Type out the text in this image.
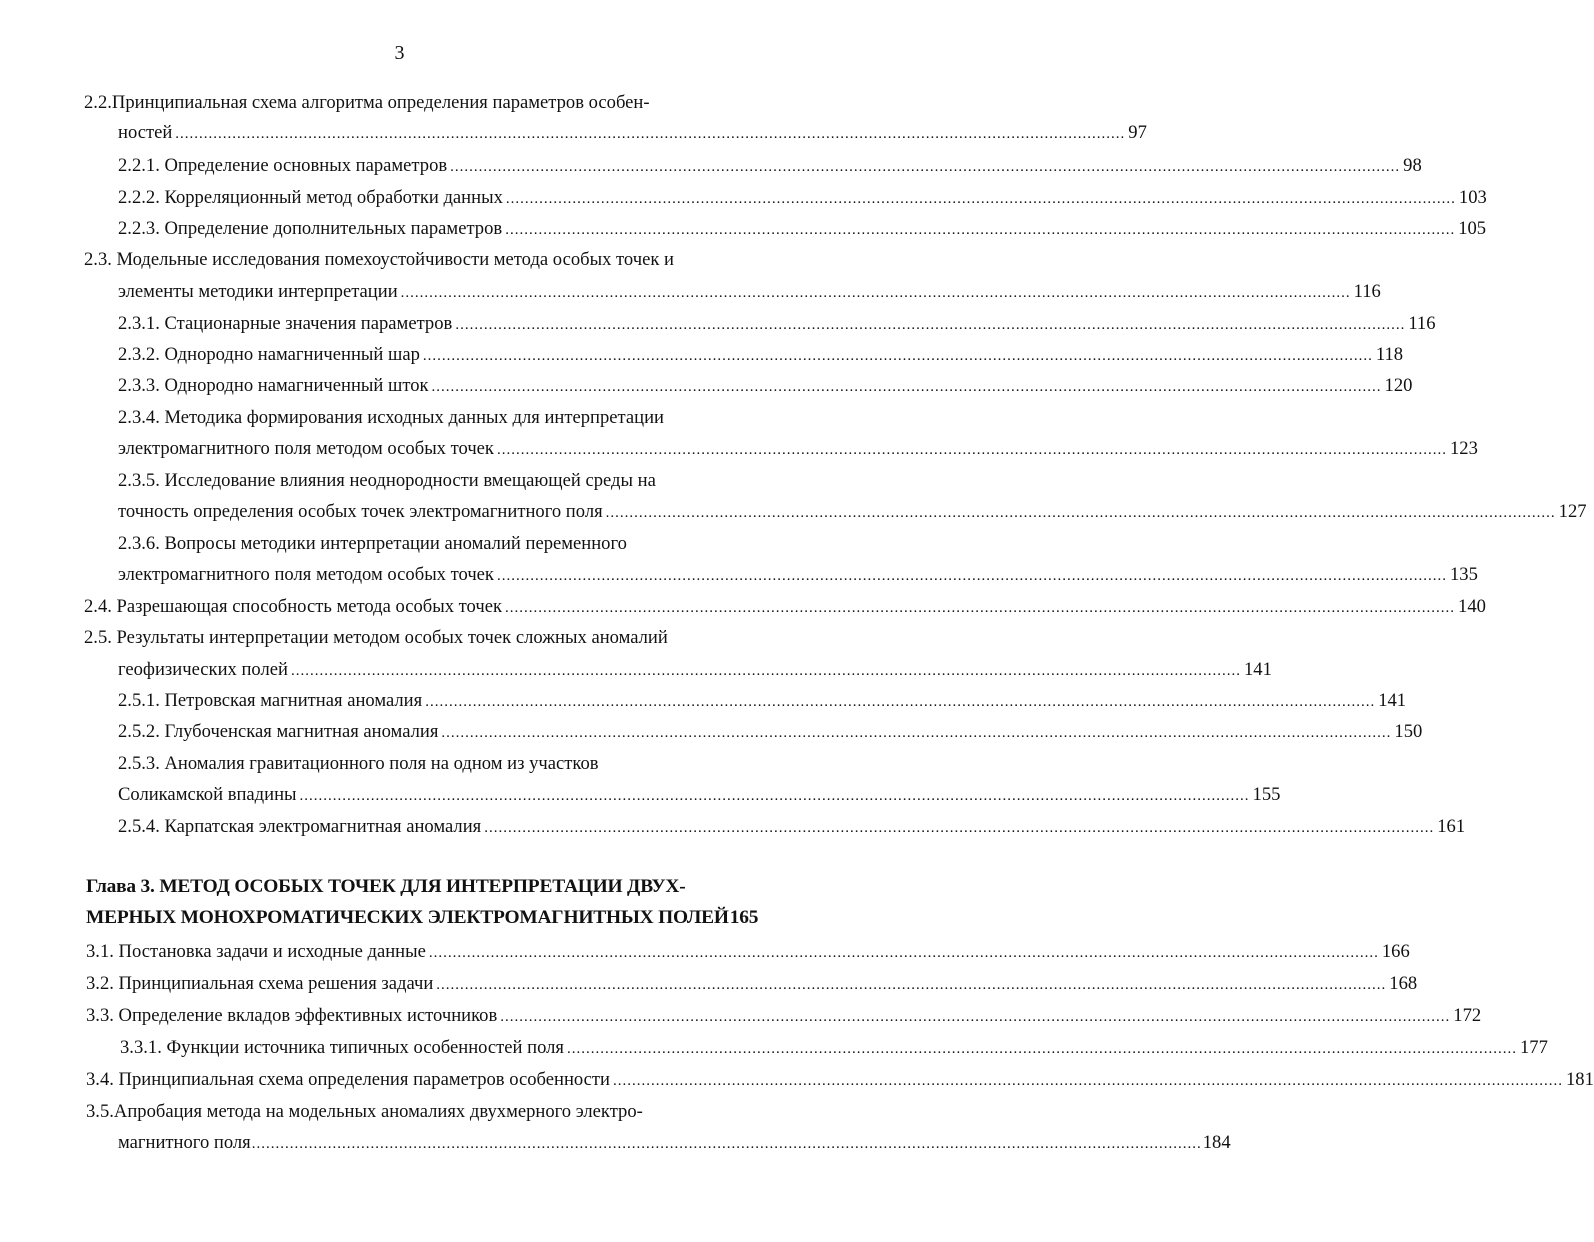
3
2.2.Принципиальная схема алгоритма определения параметров особен-
ностей ........................................................................................................................................................................................................ 97
2.2.1. Определение основных параметров ........................................................................................................................................................................................................ 98
2.2.2. Корреляционный метод обработки данных ........................................................................................................................................................................................................ 103
2.2.3. Определение дополнительных параметров ........................................................................................................................................................................................................ 105
2.3. Модельные исследования помехоустойчивости метода особых точек и
элементы методики интерпретации ........................................................................................................................................................................................................ 116
2.3.1. Стационарные значения параметров ........................................................................................................................................................................................................ 116
2.3.2. Однородно намагниченный шар ........................................................................................................................................................................................................ 118
2.3.3. Однородно намагниченный шток ........................................................................................................................................................................................................ 120
2.3.4. Методика формирования исходных данных для интерпретации
электромагнитного поля методом особых точек ........................................................................................................................................................................................................ 123
2.3.5. Исследование влияния неоднородности вмещающей среды на
точность определения особых точек электромагнитного поля ........................................................................................................................................................................................................ 127
2.3.6. Вопросы методики интерпретации аномалий переменного
электромагнитного поля методом особых точек ........................................................................................................................................................................................................ 135
2.4. Разрешающая способность метода особых точек ........................................................................................................................................................................................................ 140
2.5. Результаты интерпретации методом особых точек сложных аномалий
геофизических полей ........................................................................................................................................................................................................ 141
2.5.1. Петровская магнитная аномалия ........................................................................................................................................................................................................ 141
2.5.2. Глубоченская магнитная аномалия ........................................................................................................................................................................................................ 150
2.5.3. Аномалия гравитационного поля на одном из участков
Соликамской впадины ........................................................................................................................................................................................................ 155
2.5.4. Карпатская электромагнитная аномалия ........................................................................................................................................................................................................ 161
Глава 3. МЕТОД ОСОБЫХ ТОЧЕК ДЛЯ ИНТЕРПРЕТАЦИИ ДВУХ-
МЕРНЫХ МОНОХРОМАТИЧЕСКИХ ЭЛЕКТРОМАГНИТНЫХ ПОЛЕЙ 165
3.1. Постановка задачи и исходные данные ........................................................................................................................................................................................................ 166
3.2. Принципиальная схема решения задачи ........................................................................................................................................................................................................ 168
3.3. Определение вкладов эффективных источников ........................................................................................................................................................................................................ 172
3.3.1. Функции источника типичных особенностей поля ........................................................................................................................................................................................................ 177
3.4. Принципиальная схема определения параметров особенности ........................................................................................................................................................................................................ 181
3.5.Апробация метода на модельных аномалиях двухмерного электро-
магнитного поля ........................................................................................................................................................................................................ 184
